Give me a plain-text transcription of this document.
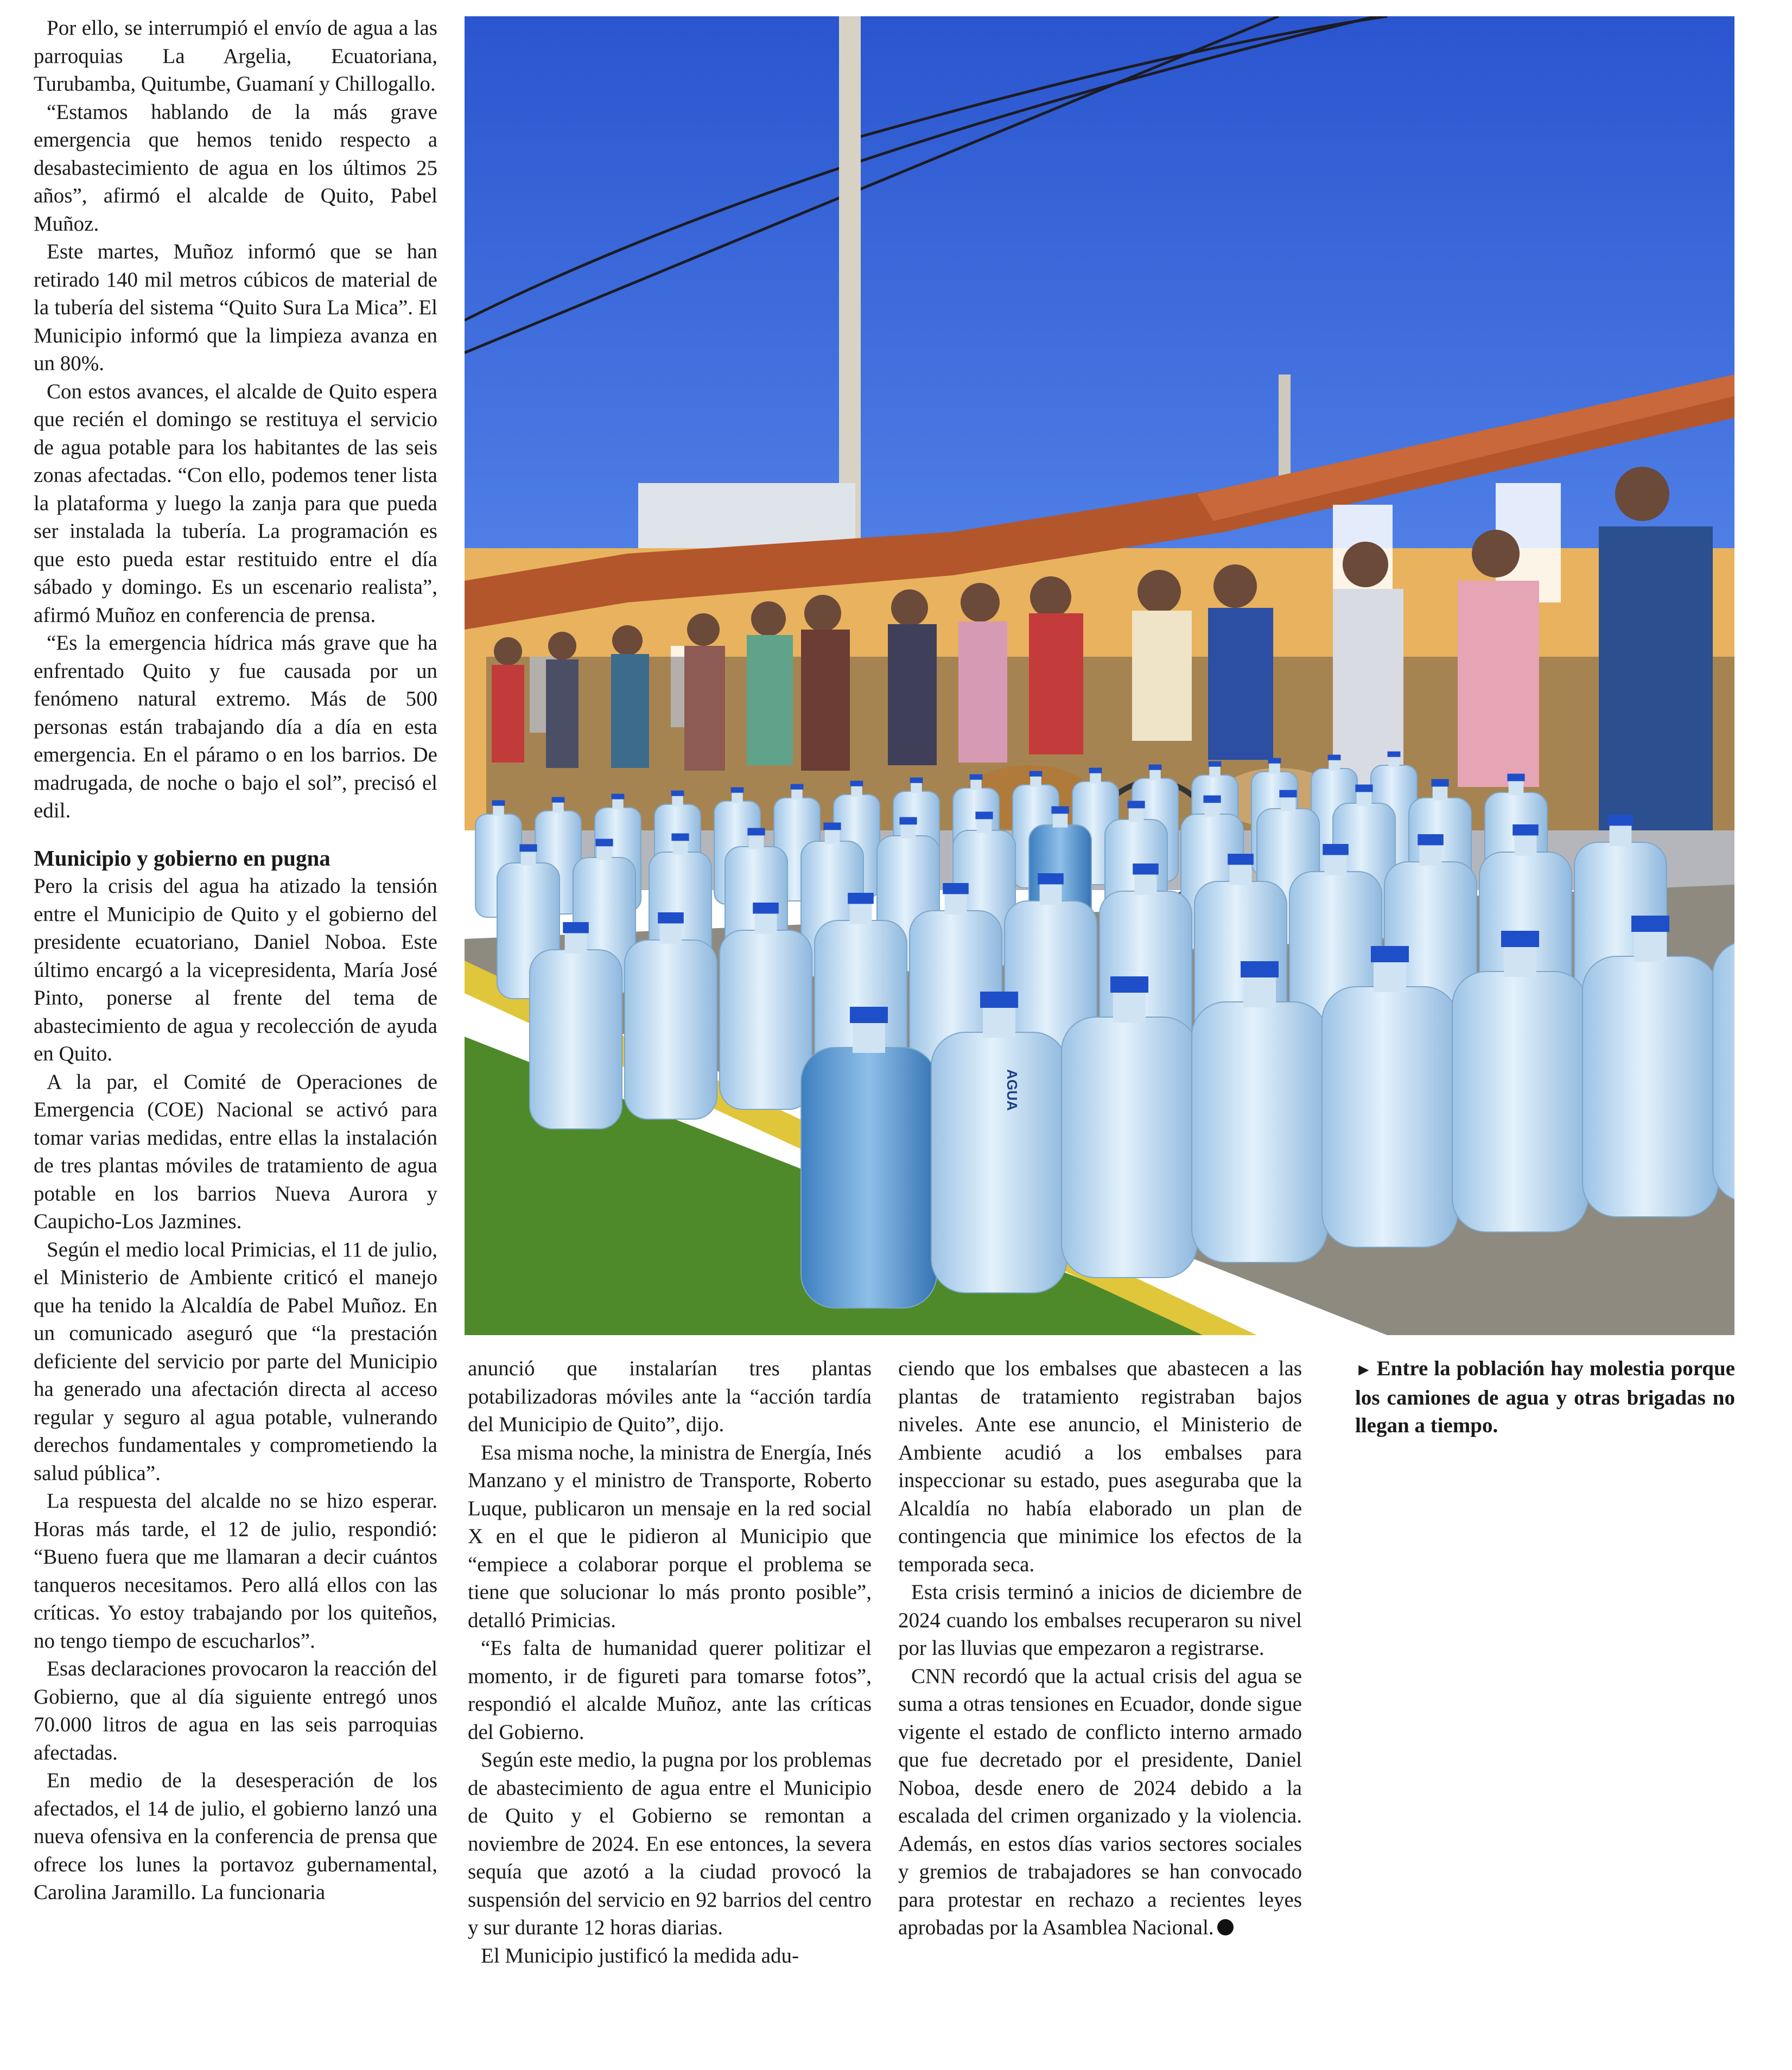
Por ello, se interrumpió el envío de agua a las parroquias La Argelia, Ecuatoriana, Turubamba, Quitumbe, Guamaní y Chillogallo.

“Estamos hablando de la más grave emergencia que hemos tenido respecto a desabastecimiento de agua en los últimos 25 años”, afirmó el alcalde de Quito, Pabel Muñoz.

Este martes, Muñoz informó que se han retirado 140 mil metros cúbicos de material de la tubería del sistema “Quito Sura La Mica”. El Municipio informó que la limpieza avanza en un 80%.

Con estos avances, el alcalde de Quito espera que recién el domingo se restituya el servicio de agua potable para los habitantes de las seis zonas afectadas. “Con ello, podemos tener lista la plataforma y luego la zanja para que pueda ser instalada la tubería. La programación es que esto pueda estar restituido entre el día sábado y domingo. Es un escenario realista”, afirmó Muñoz en conferencia de prensa.

“Es la emergencia hídrica más grave que ha enfrentado Quito y fue causada por un fenómeno natural extremo. Más de 500 personas están trabajando día a día en esta emergencia. En el páramo o en los barrios. De madrugada, de noche o bajo el sol”, precisó el edil.

Municipio y gobierno en pugna

Pero la crisis del agua ha atizado la tensión entre el Municipio de Quito y el gobierno del presidente ecuatoriano, Daniel Noboa. Este último encargó a la vicepresidenta, María José Pinto, ponerse al frente del tema de abastecimiento de agua y recolección de ayuda en Quito.

A la par, el Comité de Operaciones de Emergencia (COE) Nacional se activó para tomar varias medidas, entre ellas la instalación de tres plantas móviles de tratamiento de agua potable en los barrios Nueva Aurora y Caupicho-Los Jazmines.

Según el medio local Primicias, el 11 de julio, el Ministerio de Ambiente criticó el manejo que ha tenido la Alcaldía de Pabel Muñoz. En un comunicado aseguró que “la prestación deficiente del servicio por parte del Municipio ha generado una afectación directa al acceso regular y seguro al agua potable, vulnerando derechos fundamentales y comprometiendo la salud pública”.

La respuesta del alcalde no se hizo esperar. Horas más tarde, el 12 de julio, respondió: “Bueno fuera que me llamaran a decir cuántos tanqueros necesitamos. Pero allá ellos con las críticas. Yo estoy trabajando por los quiteños, no tengo tiempo de escucharlos”.

Esas declaraciones provocaron la reacción del Gobierno, que al día siguiente entregó unos 70.000 litros de agua en las seis parroquias afectadas.

En medio de la desesperación de los afectados, el 14 de julio, el gobierno lanzó una nueva ofensiva en la conferencia de prensa que ofrece los lunes la portavoz gubernamental, Carolina Jaramillo. La funcionaria

AGUA

anunció que instalarían tres plantas potabilizadoras móviles ante la “acción tardía del Municipio de Quito”, dijo.

Esa misma noche, la ministra de Energía, Inés Manzano y el ministro de Transporte, Roberto Luque, publicaron un mensaje en la red social X en el que le pidieron al Municipio que “empiece a colaborar porque el problema se tiene que solucionar lo más pronto posible”, detalló Primicias.

“Es falta de humanidad querer politizar el momento, ir de figureti para tomarse fotos”, respondió el alcalde Muñoz, ante las críticas del Gobierno.

Según este medio, la pugna por los problemas de abastecimiento de agua entre el Municipio de Quito y el Gobierno se remontan a noviembre de 2024. En ese entonces, la severa sequía que azotó a la ciudad provocó la suspensión del servicio en 92 barrios del centro y sur durante 12 horas diarias.

El Municipio justificó la medida adu-

ciendo que los embalses que abastecen a las plantas de tratamiento registraban bajos niveles. Ante ese anuncio, el Ministerio de Ambiente acudió a los embalses para inspeccionar su estado, pues aseguraba que la Alcaldía no había elaborado un plan de contingencia que minimice los efectos de la temporada seca.

Esta crisis terminó a inicios de diciembre de 2024 cuando los embalses recuperaron su nivel por las lluvias que empezaron a registrarse.

CNN recordó que la actual crisis del agua se suma a otras tensiones en Ecuador, donde sigue vigente el estado de conflicto interno armado que fue decretado por el presidente, Daniel Noboa, desde enero de 2024 debido a la escalada del crimen organizado y la violencia. Además, en estos días varios sectores sociales y gremios de trabajadores se han convocado para protestar en rechazo a recientes leyes aprobadas por la Asamblea Nacional.

► Entre la población hay molestia porque los camiones de agua y otras brigadas no llegan a tiempo.
